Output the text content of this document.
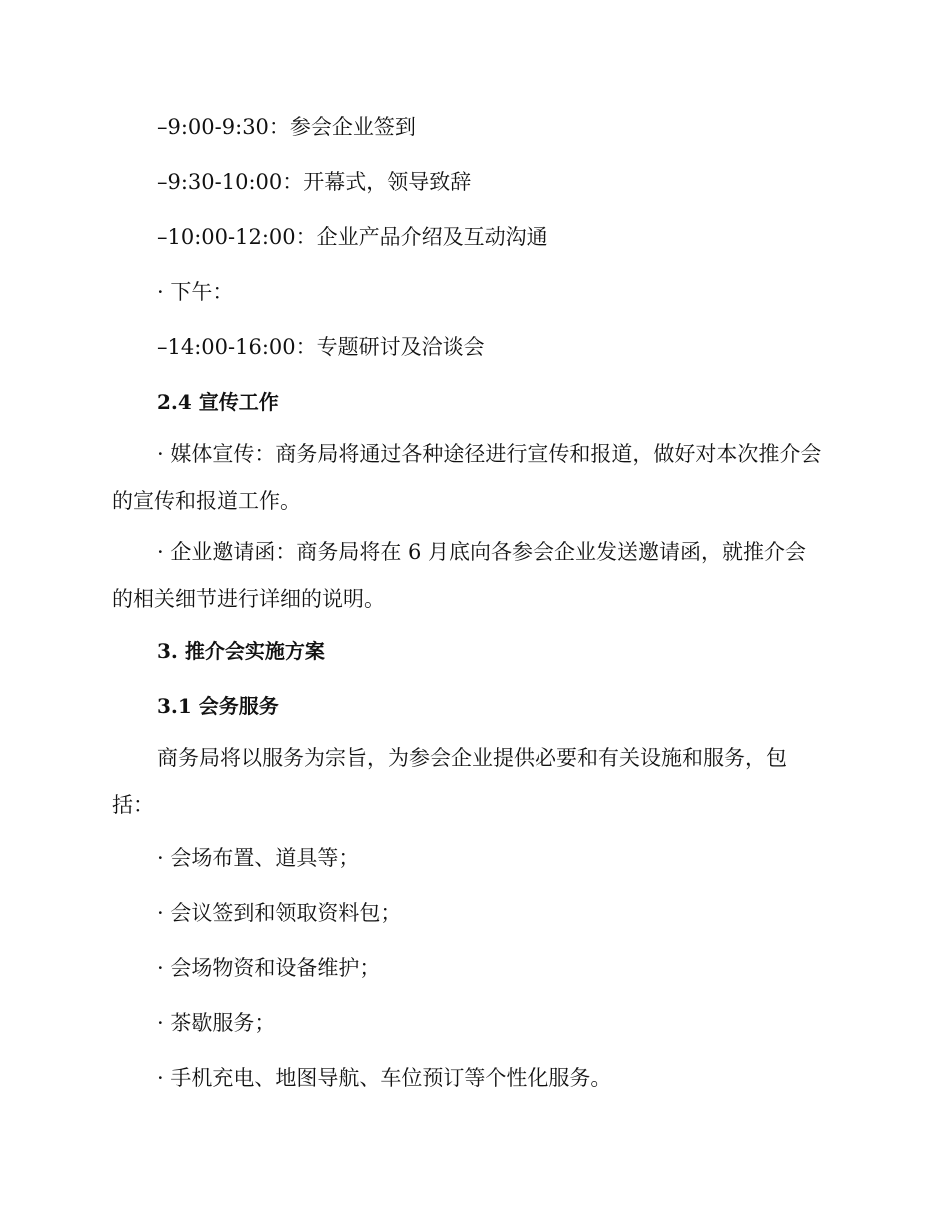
–9:00-9:30：参会企业签到
–9:30-10:00：开幕式，领导致辞
–10:00-12:00：企业产品介绍及互动沟通
· 下午：
–14:00-16:00：专题研讨及洽谈会
2.4 宣传工作

· 媒体宣传：商务局将通过各种途径进行宣传和报道，做好对本次推介会的宣传和报道工作。

· 企业邀请函：商务局将在 6 月底向各参会企业发送邀请函，就推介会的相关细节进行详细的说明。

3. 推介会实施方案
3.1 会务服务

商务局将以服务为宗旨，为参会企业提供必要和有关设施和服务，包括：

· 会场布置、道具等；
· 会议签到和领取资料包；
· 会场物资和设备维护；
· 茶歇服务；
· 手机充电、地图导航、车位预订等个性化服务。
